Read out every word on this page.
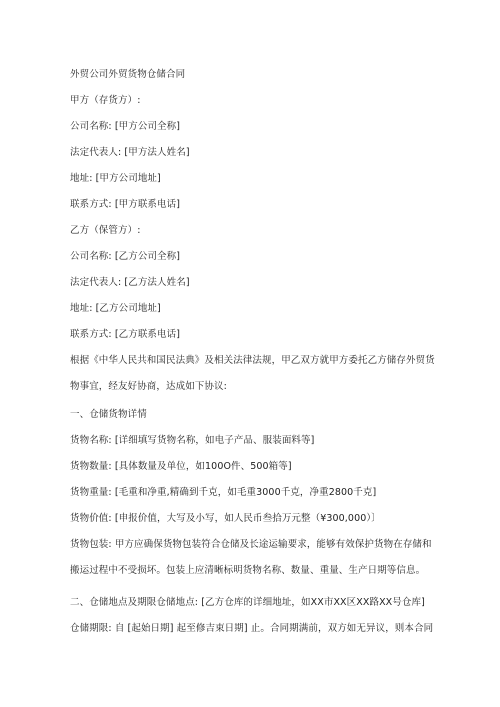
外贸公司外贸货物仓储合同
甲方（存货方）:
公司名称: [甲方公司全称]
法定代表人: [甲方法人姓名]
地址: [甲方公司地址]
联系方式: [甲方联系电话]
乙方（保管方）:
公司名称: [乙方公司全称]
法定代表人: [乙方法人姓名]
地址: [乙方公司地址]
联系方式: [乙方联系电话]
根据《中华人民共和国民法典》及相关法律法规，甲乙双方就甲方委托乙方储存外贸货
物事宜，经友好协商，达成如下协议:
一、仓储货物详情
货物名称: [详细填写货物名称，如电子产品、服装面料等]
货物数量: [具体数量及单位，如100O件、500箱等]
货物重量: [毛重和净重,精确到千克，如毛重3000千克，净重2800千克]
货物价值: [申报价值，大写及小写，如人民币叁拾万元整（¥300,000）〕
货物包装: 甲方应确保货物包装符合仓储及长途运输要求，能够有效保护货物在存储和
搬运过程中不受损坏。包装上应清晰标明货物名称、数量、重量、生产日期等信息。
二、仓储地点及期限仓储地点: [乙方仓库的详细地址，如XX市XX区XX路XX号仓库]
仓储期限: 自 [起始日期] 起至修吉束日期] 止。合同期满前，双方如无异议，则本合同
